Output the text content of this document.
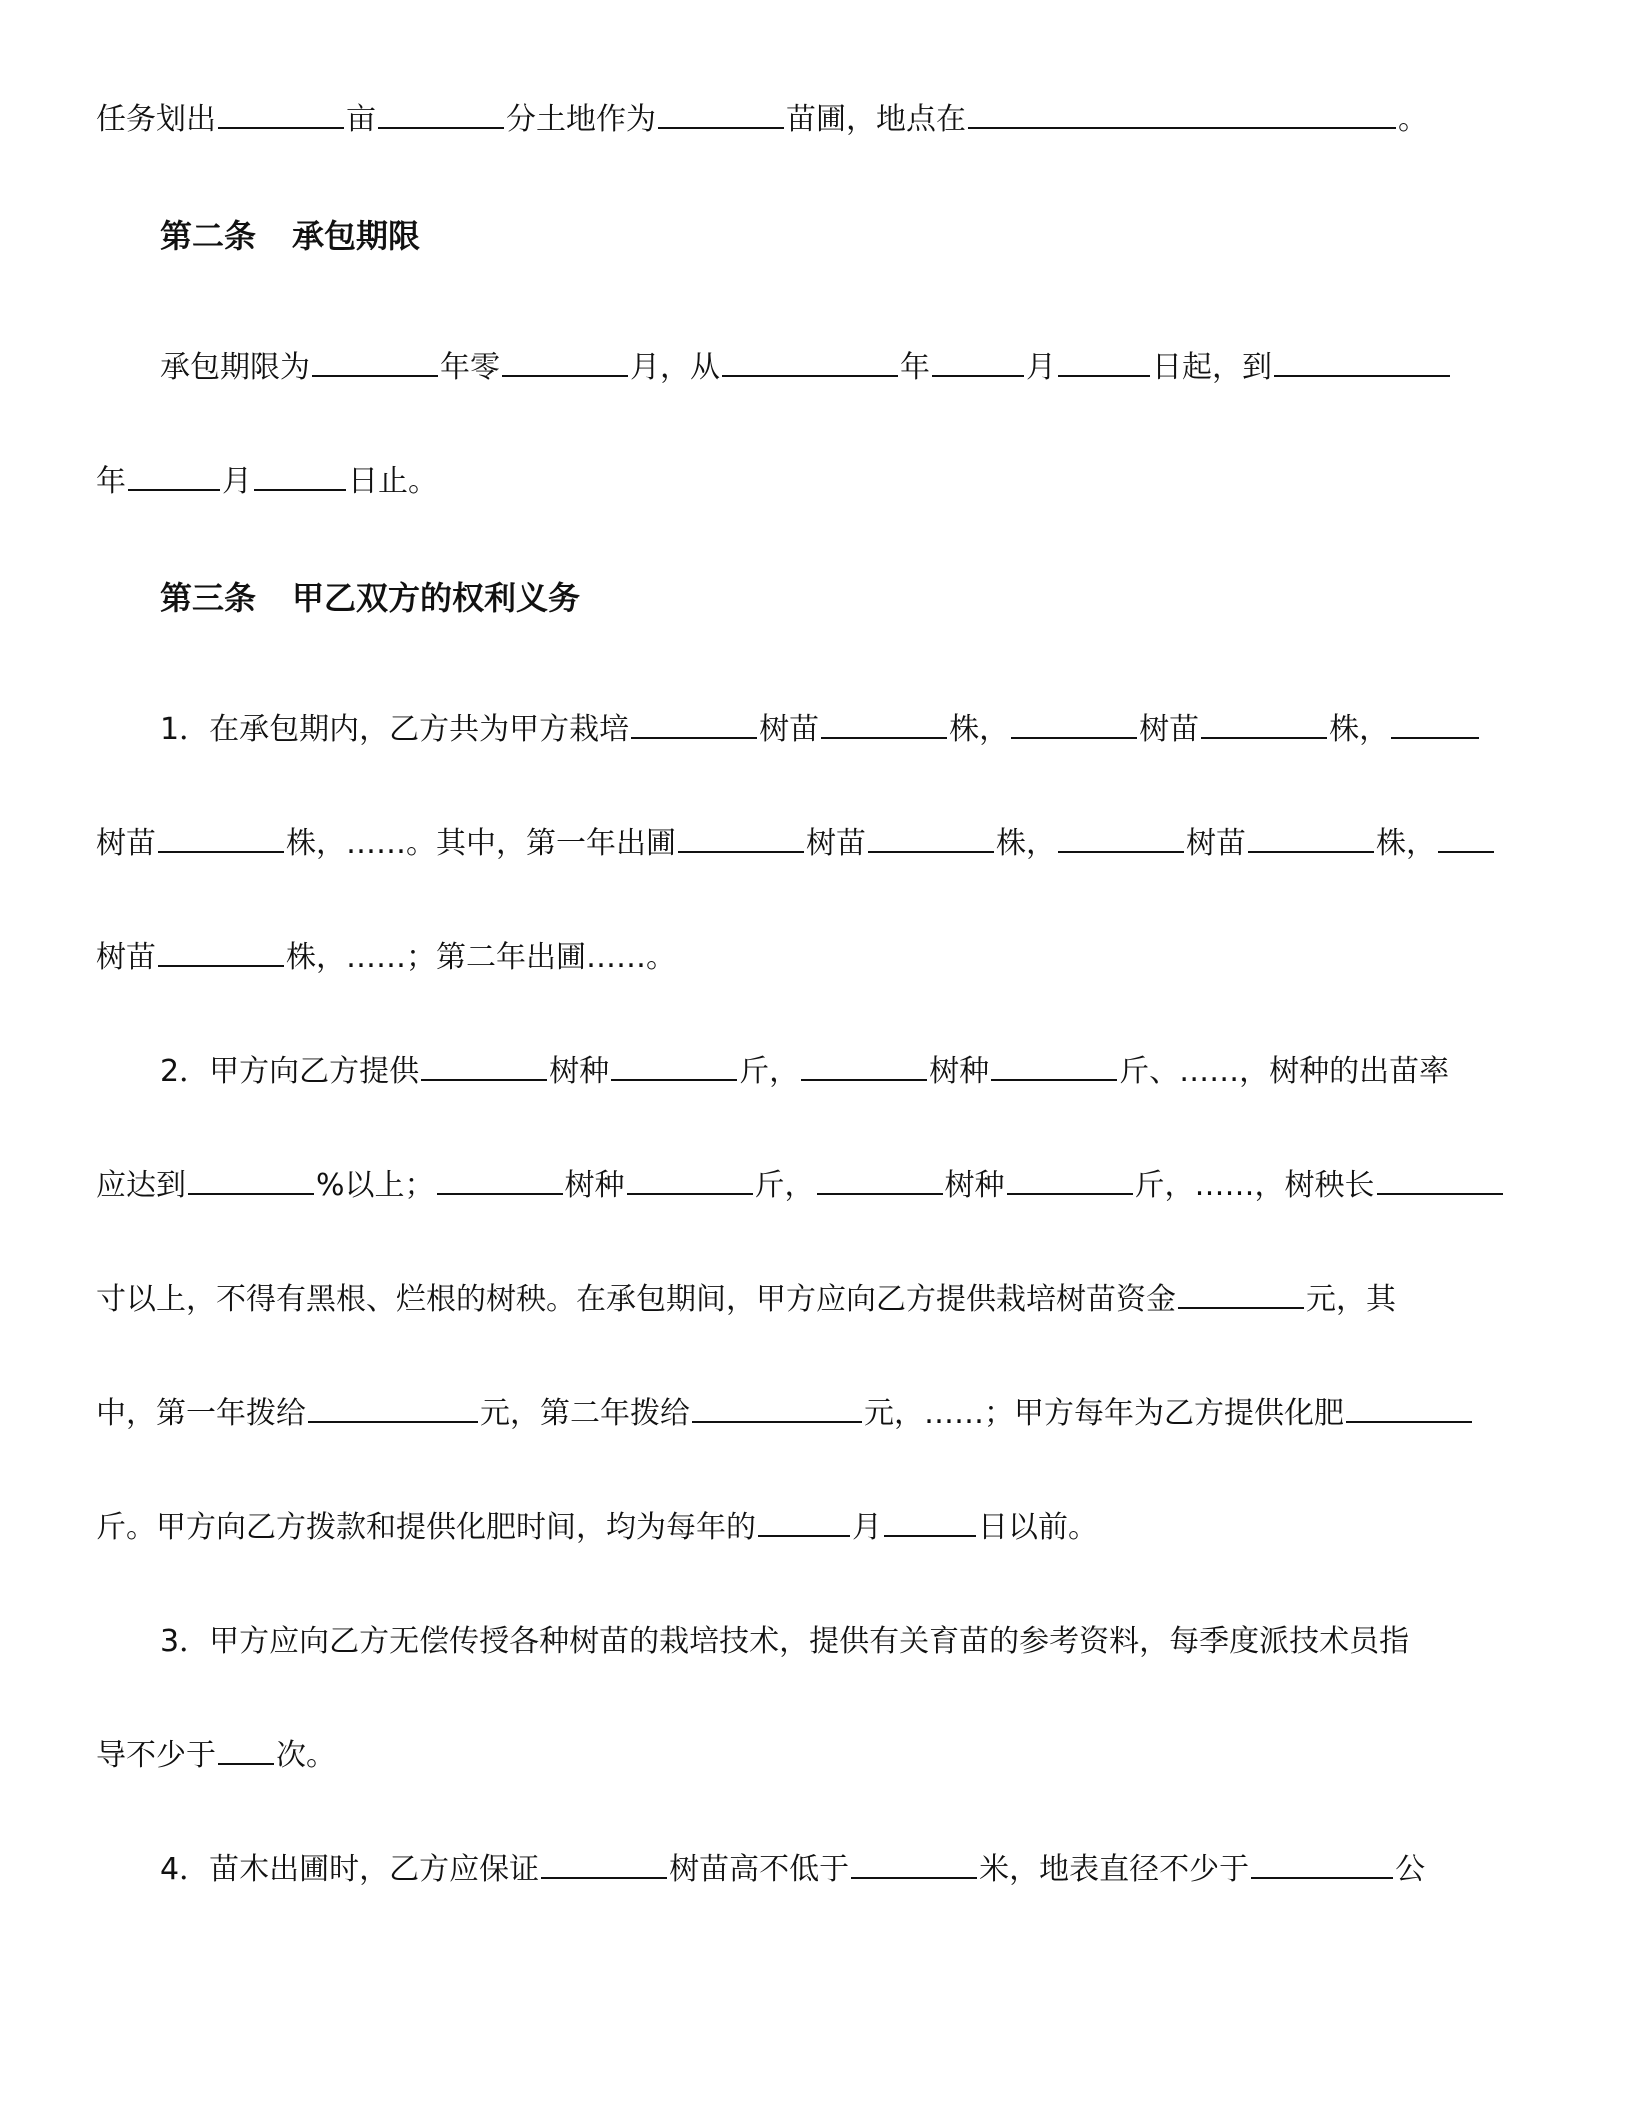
任务划出	亩	分土地作为	苗圃，地点在	。
第二条 承包期限
承包期限为	年零	月，从	年	月	日起，到
年	月	日止。
第三条 甲乙双方的权利义务
1．在承包期内，乙方共为甲方栽培	树苗	株，	树苗	株，
树苗	株，……。其中，第一年出圃	树苗	株，	树苗	株，
树苗	株，……；第二年出圃……。
2．甲方向乙方提供	树种	斤，	树种	斤、……，树种的出苗率
应达到	%以上；	树种	斤，	树种	斤，……，树秧长
寸以上，不得有黑根、烂根的树秧。在承包期间，甲方应向乙方提供栽培树苗资金	元，其
中，第一年拨给	元，第二年拨给	元，……；甲方每年为乙方提供化肥
斤。甲方向乙方拨款和提供化肥时间，均为每年的	月	日以前。
3．甲方应向乙方无偿传授各种树苗的栽培技术，提供有关育苗的参考资料，每季度派技术员指
导不少于 次。
4．苗木出圃时，乙方应保证	树苗高不低于	米，地表直径不少于	公
